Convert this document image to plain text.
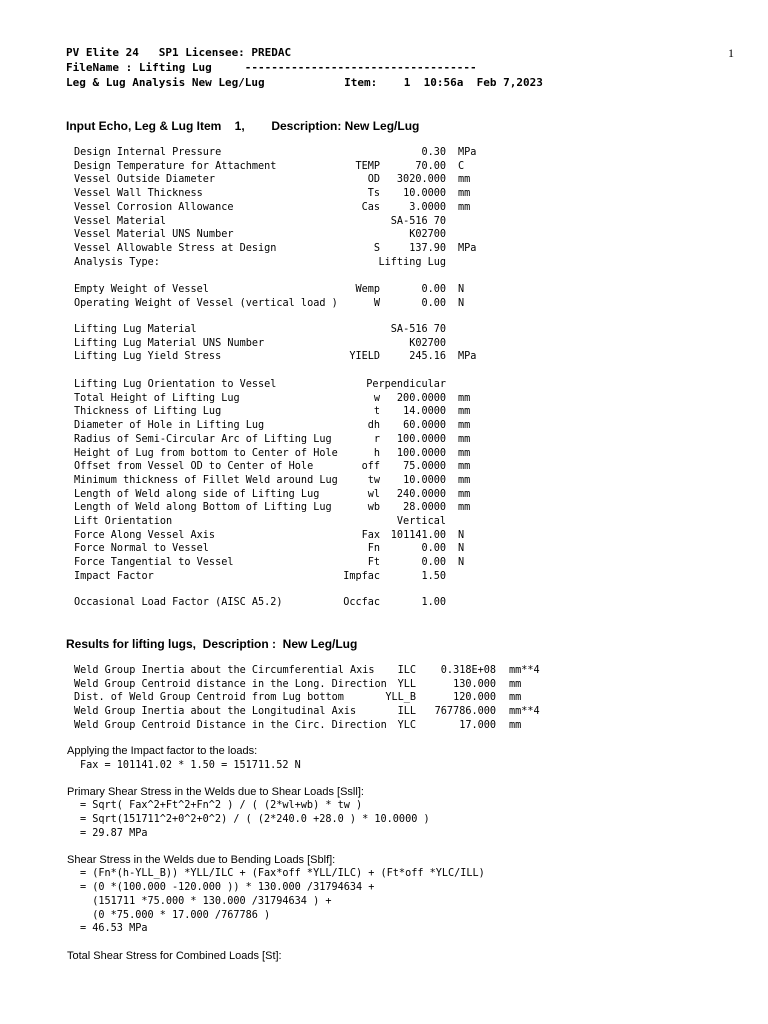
PV Elite 24   SP1 Licensee: PREDAC
FileName : Lifting Lug     -----------------------------------
Leg & Lug Analysis New Leg/Lug            Item:    1  10:56a  Feb 7,2023
1
Input Echo, Leg & Lug Item    1,        Description: New Leg/Lug
Design Internal Pressure	0.30 MPa
Design Temperature for Attachment	TEMP	70.00 C
Vessel Outside Diameter	OD 3020.000 mm
Vessel Wall Thickness	Ts 10.0000 mm
Vessel Corrosion Allowance	Cas	3.0000 mm
Vessel Material	SA-516 70
Vessel Material UNS Number	K02700
Vessel Allowable Stress at Design	S	137.90 MPa
Analysis Type:	Lifting Lug
Empty Weight of Vessel	Wemp	0.00 N
Operating Weight of Vessel (vertical load )	W	0.00 N
Lifting Lug Material	SA-516 70
Lifting Lug Material UNS Number	K02700
Lifting Lug Yield Stress	YIELD	245.16 MPa
Lifting Lug Orientation to Vessel	Perpendicular
Total Height of Lifting Lug	w 200.0000 mm
Thickness of Lifting Lug	t 14.0000 mm
Diameter of Hole in Lifting Lug	dh 60.0000 mm
Radius of Semi-Circular Arc of Lifting Lug	r 100.0000 mm
Height of Lug from bottom to Center of Hole	h 100.0000 mm
Offset from Vessel OD to Center of Hole	off 75.0000 mm
Minimum thickness of Fillet Weld around Lug	tw 10.0000 mm
Length of Weld along side of Lifting Lug	wl 240.0000 mm
Length of Weld along Bottom of Lifting Lug	wb 28.0000 mm
Lift Orientation	Vertical
Force Along Vessel Axis	Fax 101141.00 N
Force Normal to Vessel	Fn	0.00 N
Force Tangential to Vessel	Ft	0.00 N
Impact Factor	Impfac	1.50
Occasional Load Factor (AISC A5.2)	Occfac	1.00
Results for lifting lugs,  Description :  New Leg/Lug
Weld Group Inertia about the Circumferential Axis ILC 0.318E+08 mm**4
Weld Group Centroid distance in the Long. Direction YLL	130.000 mm
Dist. of Weld Group Centroid from Lug bottom	YLL_B	120.000 mm
Weld Group Inertia about the Longitudinal Axis	ILL 767786.000 mm**4
Weld Group Centroid Distance in the Circ. Direction YLC	17.000 mm
Applying the Impact factor to the loads:
Fax = 101141.02 * 1.50 = 151711.52 N
Primary Shear Stress in the Welds due to Shear Loads [Ssll]:
= Sqrt( Fax^2+Ft^2+Fn^2 ) / ( (2*wl+wb) * tw )
= Sqrt(151711^2+0^2+0^2) / ( (2*240.0 +28.0 ) * 10.0000 )
= 29.87 MPa
Shear Stress in the Welds due to Bending Loads [Sblf]:
= (Fn*(h-YLL_B)) *YLL/ILC + (Fax*off *YLL/ILC) + (Ft*off *YLC/ILL)
= (0 *(100.000 -120.000 )) * 130.000 /31794634 +
(151711 *75.000 * 130.000 /31794634 ) +
(0 *75.000 * 17.000 /767786 )
= 46.53 MPa
Total Shear Stress for Combined Loads [St]:
